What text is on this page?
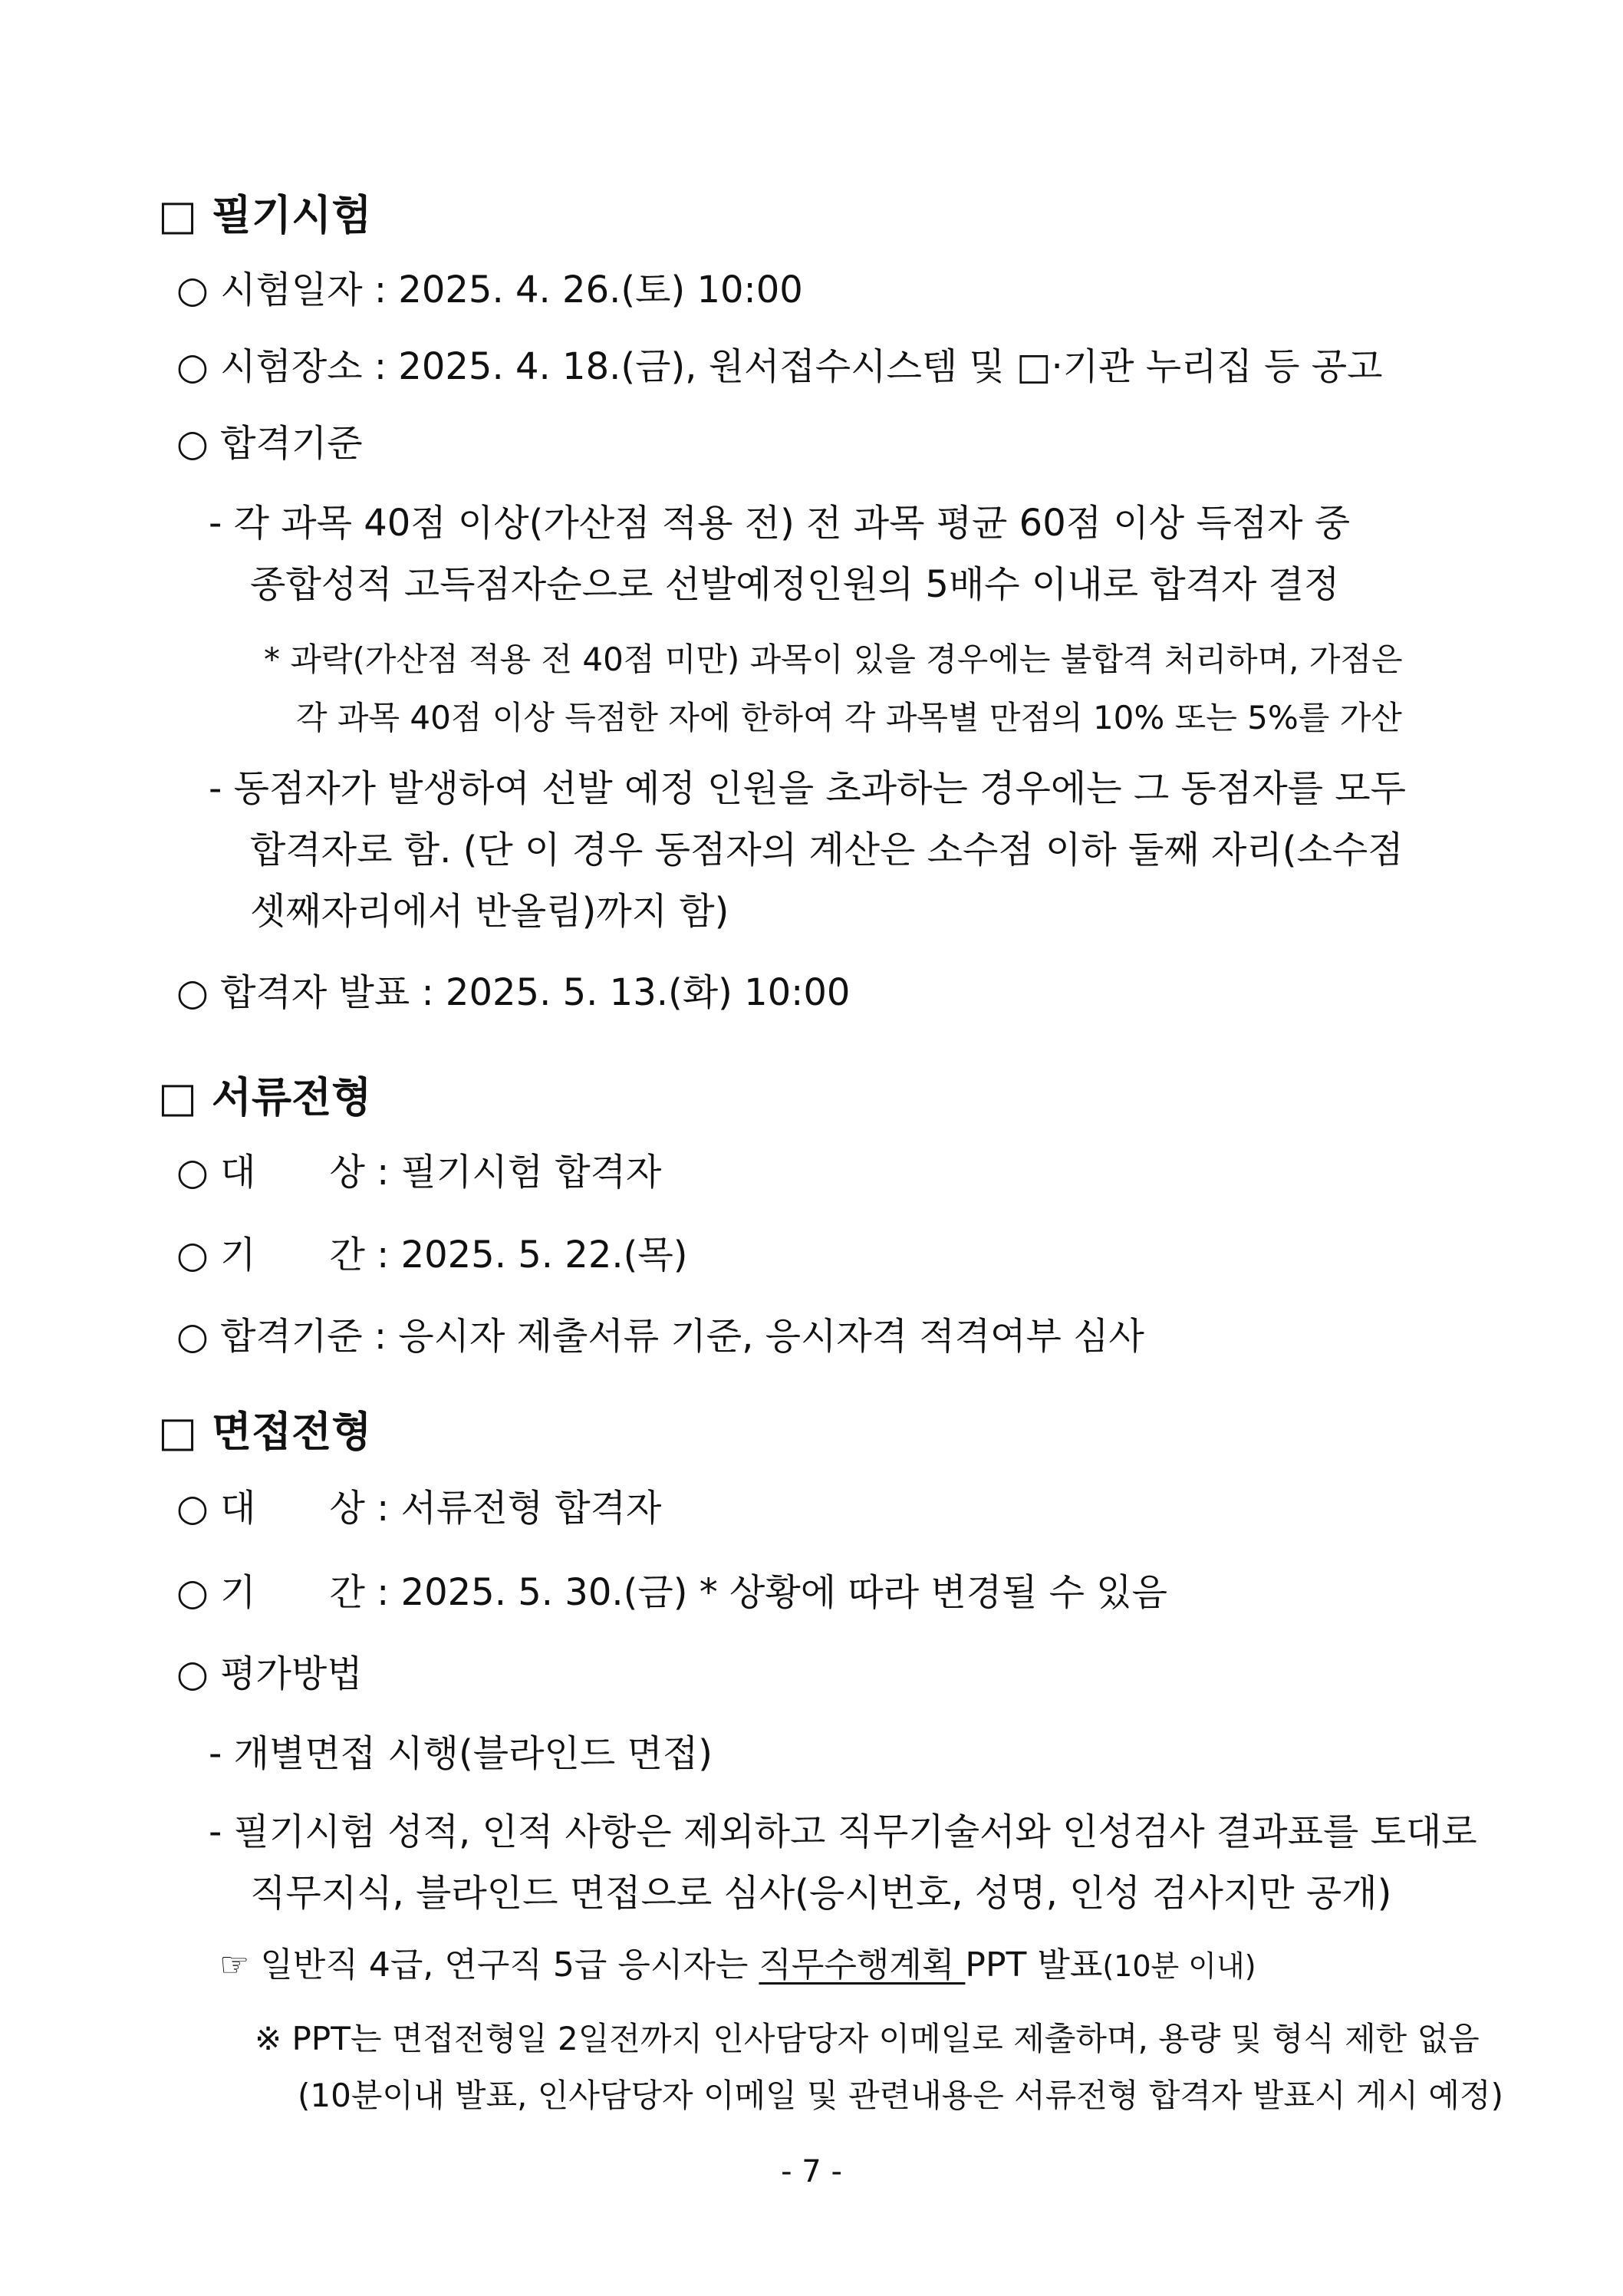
□ 필기시험
○ 시험일자 : 2025. 4. 26.(토) 10:00
○ 시험장소 : 2025. 4. 18.(금), 원서접수시스템 및 □·기관 누리집 등 공고
○ 합격기준
- 각 과목 40점 이상(가산점 적용 전) 전 과목 평균 60점 이상 득점자 중
종합성적 고득점자순으로 선발예정인원의 5배수 이내로 합격자 결정
* 과락(가산점 적용 전 40점 미만) 과목이 있을 경우에는 불합격 처리하며, 가점은
각 과목 40점 이상 득점한 자에 한하여 각 과목별 만점의 10% 또는 5%를 가산
- 동점자가 발생하여 선발 예정 인원을 초과하는 경우에는 그 동점자를 모두
합격자로 함. (단 이 경우 동점자의 계산은 소수점 이하 둘째 자리(소수점
셋째자리에서 반올림)까지 함)
○ 합격자 발표 : 2025. 5. 13.(화) 10:00
□ 서류전형
○ 대　　상 : 필기시험 합격자
○ 기　　간 : 2025. 5. 22.(목)
○ 합격기준 : 응시자 제출서류 기준, 응시자격 적격여부 심사
□ 면접전형
○ 대　　상 : 서류전형 합격자
○ 기　　간 : 2025. 5. 30.(금) * 상황에 따라 변경될 수 있음
○ 평가방법
- 개별면접 시행(블라인드 면접)
- 필기시험 성적, 인적 사항은 제외하고 직무기술서와 인성검사 결과표를 토대로
직무지식, 블라인드 면접으로 심사(응시번호, 성명, 인성 검사지만 공개)
☞ 일반직 4급, 연구직 5급 응시자는 직무수행계획 PPT 발표(10분 이내)
※ PPT는 면접전형일 2일전까지 인사담당자 이메일로 제출하며, 용량 및 형식 제한 없음
(10분이내 발표, 인사담당자 이메일 및 관련내용은 서류전형 합격자 발표시 게시 예정)
- 7 -
